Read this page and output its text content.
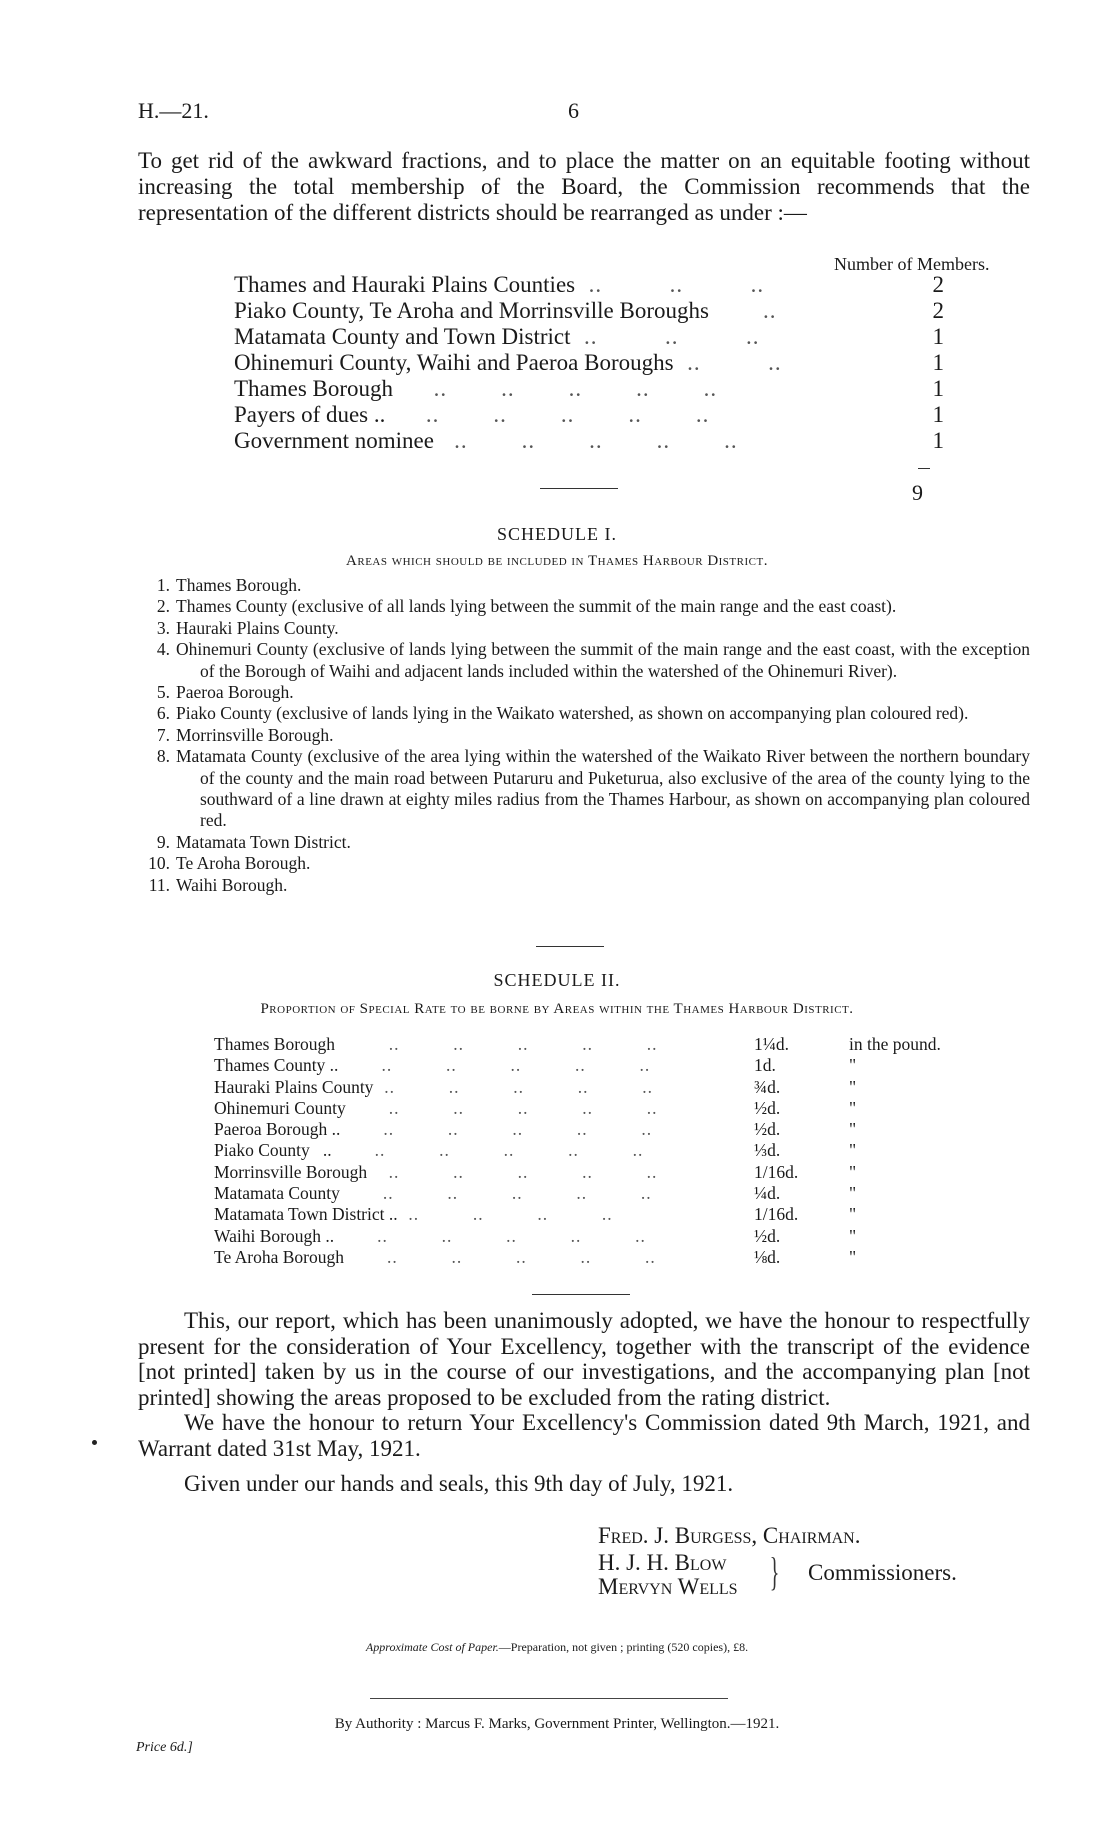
H.—21.	6
To get rid of the awkward fractions, and to place the matter on an equitable footing without increasing the total membership of the Board, the Commission recommends that the representation of the different districts should be rearranged as under :—
Number of Members.
Thames and Hauraki Plains Counties  ..          ..          ..	2
Piako County, Te Aroha and Morrinsville Boroughs        ..	2
Matamata County and Town District  ..          ..          ..	1
Ohinemuri County, Waihi and Paeroa Boroughs  ..          ..	1
Thames Borough      ..        ..        ..        ..        ..	1
Payers of dues ..      ..        ..        ..        ..        ..	1
Government nominee   ..        ..        ..        ..        ..	1
9
SCHEDULE I.
Areas which should be included in Thames Harbour District.
1. Thames Borough.
2. Thames County (exclusive of all lands lying between the summit of the main range and the east coast).
3. Hauraki Plains County.
4. Ohinemuri County (exclusive of lands lying between the summit of the main range and the east coast, with the exception of the Borough of Waihi and adjacent lands included within the watershed of the Ohinemuri River).
5. Paeroa Borough.
6. Piako County (exclusive of lands lying in the Waikato watershed, as shown on accompanying plan coloured red).
7. Morrinsville Borough.
8. Matamata County (exclusive of the area lying within the watershed of the Waikato River between the northern boundary of the county and the main road between Putaruru and Puketurua, also exclusive of the area of the county lying to the southward of a line drawn at eighty miles radius from the Thames Harbour, as shown on accompanying plan coloured red.
9. Matamata Town District.
10. Te Aroha Borough.
11. Waihi Borough.
SCHEDULE II.
Proportion of Special Rate to be borne by Areas within the Thames Harbour District.
Thames Borough          ..          ..          ..          ..          ..	1¼d.	in the pound.
Thames County ..        ..          ..          ..          ..          ..	1d.	"
Hauraki Plains County  ..          ..          ..          ..          ..	¾d.	"
Ohinemuri County        ..          ..          ..          ..          ..	½d.	"
Paeroa Borough ..        ..          ..          ..          ..          ..	½d.	"
Piako County   ..        ..          ..          ..          ..          ..	⅓d.	"
Morrinsville Borough    ..          ..          ..          ..          ..	1/16d.	"
Matamata County        ..          ..          ..          ..          ..	¼d.	"
Matamata Town District ..  ..          ..          ..          ..	1/16d.	"
Waihi Borough ..        ..          ..          ..          ..          ..	½d.	"
Te Aroha Borough        ..          ..          ..          ..          ..	⅛d.	"

This, our report, which has been unanimously adopted, we have the honour to respectfully present for the consideration of Your Excellency, together with the transcript of the evidence [not printed] taken by us in the course of our investigations, and the accompanying plan [not printed] showing the areas proposed to be excluded from the rating district.

We have the honour to return Your Excellency's Commission dated 9th March, 1921, and Warrant dated 31st May, 1921.

Given under our hands and seals, this 9th day of July, 1921.

Fred. J. Burgess, Chairman.
H. J. H. Blow
Mervyn Wells } Commissioners.
Approximate Cost of Paper.—Preparation, not given ; printing (520 copies), £8.
By Authority : Marcus F. Marks, Government Printer, Wellington.—1921.
Price 6d.]
